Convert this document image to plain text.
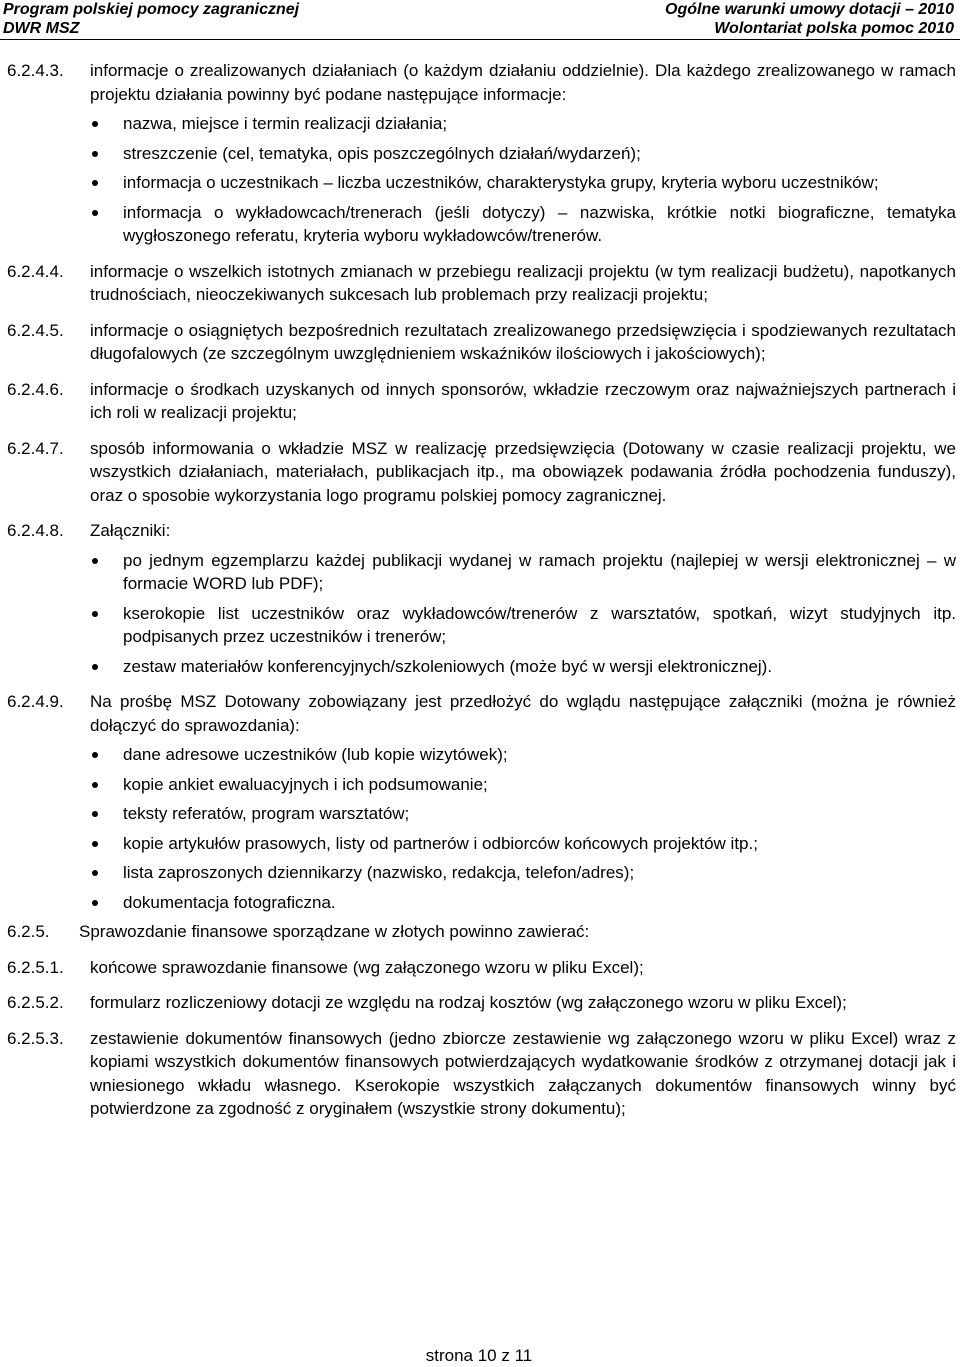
Program polskiej pomocy zagranicznej
DWR MSZ
Ogólne warunki umowy dotacji – 2010
Wolontariat polska pomoc 2010
6.2.4.3. informacje o zrealizowanych działaniach (o każdym działaniu oddzielnie). Dla każdego zrealizowanego w ramach projektu działania powinny być podane następujące informacje:
nazwa, miejsce i termin realizacji działania;
streszczenie (cel, tematyka, opis poszczególnych działań/wydarzeń);
informacja o uczestnikach – liczba uczestników, charakterystyka grupy, kryteria wyboru uczestników;
informacja o wykładowcach/trenerach (jeśli dotyczy) – nazwiska, krótkie notki biograficzne, tematyka wygłoszonego referatu, kryteria wyboru wykładowców/trenerów.
6.2.4.4. informacje o wszelkich istotnych zmianach w przebiegu realizacji projektu (w tym realizacji budżetu), napotkanych trudnościach, nieoczekiwanych sukcesach lub problemach przy realizacji projektu;
6.2.4.5. informacje o osiągniętych bezpośrednich rezultatach zrealizowanego przedsięwzięcia i spodziewanych rezultatach długofalowych (ze szczególnym uwzględnieniem wskaźników ilościowych i jakościowych);
6.2.4.6. informacje o środkach uzyskanych od innych sponsorów, wkładzie rzeczowym oraz najważniejszych partnerach i ich roli w realizacji projektu;
6.2.4.7. sposób informowania o wkładzie MSZ w realizację przedsięwzięcia (Dotowany w czasie realizacji projektu, we wszystkich działaniach, materiałach, publikacjach itp., ma obowiązek podawania źródła pochodzenia funduszy), oraz o sposobie wykorzystania logo programu polskiej pomocy zagranicznej.
6.2.4.8. Załączniki:
po jednym egzemplarzu każdej publikacji wydanej w ramach projektu (najlepiej w wersji elektronicznej – w formacie WORD lub PDF);
kserokopie list uczestników oraz wykładowców/trenerów z warsztatów, spotkań, wizyt studyjnych itp. podpisanych przez uczestników i trenerów;
zestaw materiałów konferencyjnych/szkoleniowych (może być w wersji elektronicznej).
6.2.4.9. Na prośbę MSZ Dotowany zobowiązany jest przedłożyć do wglądu następujące załączniki (można je również dołączyć do sprawozdania):
dane adresowe uczestników (lub kopie wizytówek);
kopie ankiet ewaluacyjnych i ich podsumowanie;
teksty referatów, program warsztatów;
kopie artykułów prasowych, listy od partnerów i odbiorców końcowych projektów itp.;
lista zaproszonych dziennikarzy (nazwisko, redakcja, telefon/adres);
dokumentacja fotograficzna.
6.2.5. Sprawozdanie finansowe sporządzane w złotych powinno zawierać:
6.2.5.1. końcowe sprawozdanie finansowe (wg załączonego wzoru w pliku Excel);
6.2.5.2. formularz rozliczeniowy dotacji ze względu na rodzaj kosztów (wg załączonego wzoru w pliku Excel);
6.2.5.3. zestawienie dokumentów finansowych (jedno zbiorcze zestawienie wg załączonego wzoru w pliku Excel) wraz z kopiami wszystkich dokumentów finansowych potwierdzających wydatkowanie środków z otrzymanej dotacji jak i wniesionego wkładu własnego. Kserokopie wszystkich załączanych dokumentów finansowych winny być potwierdzone za zgodność z oryginałem (wszystkie strony dokumentu);
strona 10 z 11
